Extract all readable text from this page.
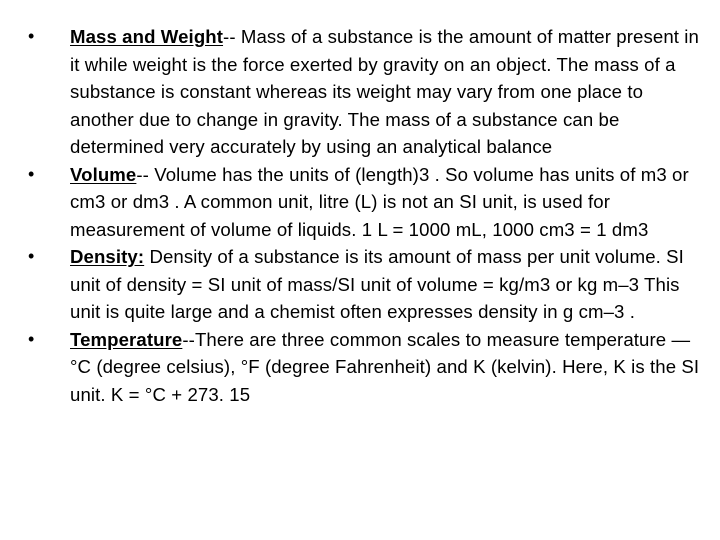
• Mass and Weight-- Mass of a substance is the amount of matter present in it while weight is the force exerted by gravity on an object. The mass of a substance is constant whereas its weight may vary from one place to another due to change in gravity. The mass of a substance can be determined very accurately by using an analytical balance
• Volume-- Volume has the units of (length)3 . So volume has units of m3 or cm3 or dm3 . A common unit, litre (L) is not an SI unit, is used for measurement of volume of liquids. 1 L = 1000 mL, 1000 cm3 = 1 dm3
• Density: Density of a substance is its amount of mass per unit volume. SI unit of density = SI unit of mass/SI unit of volume = kg/m3 or kg m–3 This unit is quite large and a chemist often expresses density in g cm–3 .
• Temperature--There are three common scales to measure temperature — °C (degree celsius), °F (degree Fahrenheit) and K (kelvin). Here, K is the SI unit. K = °C + 273. 15
